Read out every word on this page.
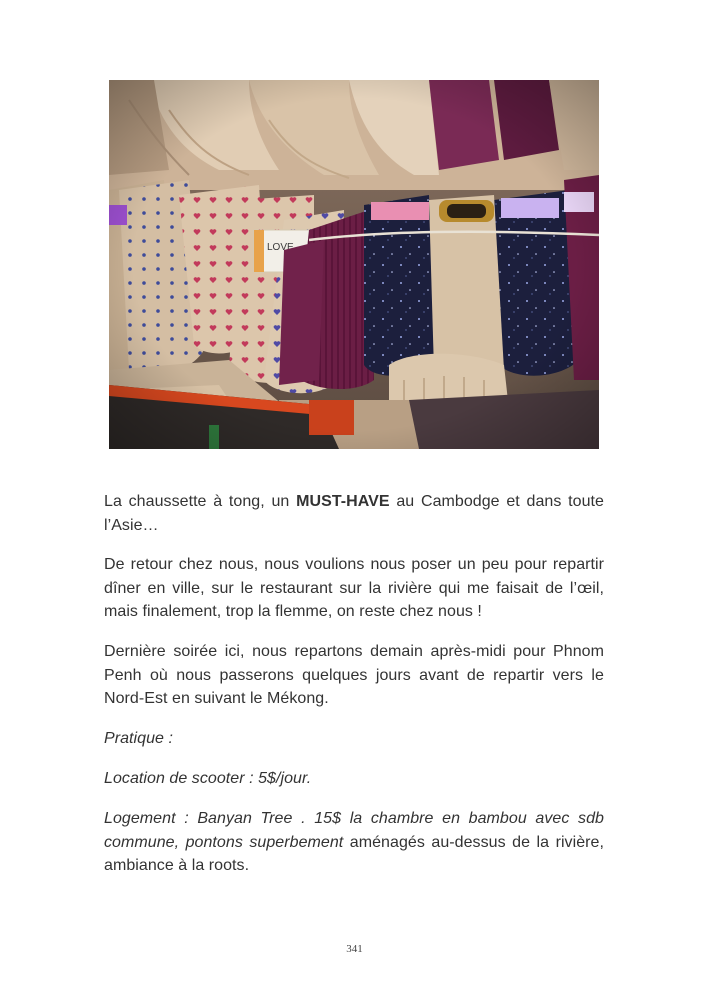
La chaussette à tong, un MUST-HAVE au Cambodge et dans toute l’Asie…

De retour chez nous, nous voulions nous poser un peu pour repartir dîner en ville, sur le restaurant sur la rivière qui me faisait de l’œil, mais finalement, trop la flemme, on reste chez nous !

Dernière soirée ici, nous repartons demain après-midi pour Phnom Penh où nous passerons quelques jours avant de repartir vers le Nord-Est en suivant le Mékong.

Pratique :

Location de scooter : 5$/jour.

Logement : Banyan Tree . 15$ la chambre en bambou avec sdb commune, pontons superbement aménagés au-dessus de la rivière, ambiance à la roots.

341
